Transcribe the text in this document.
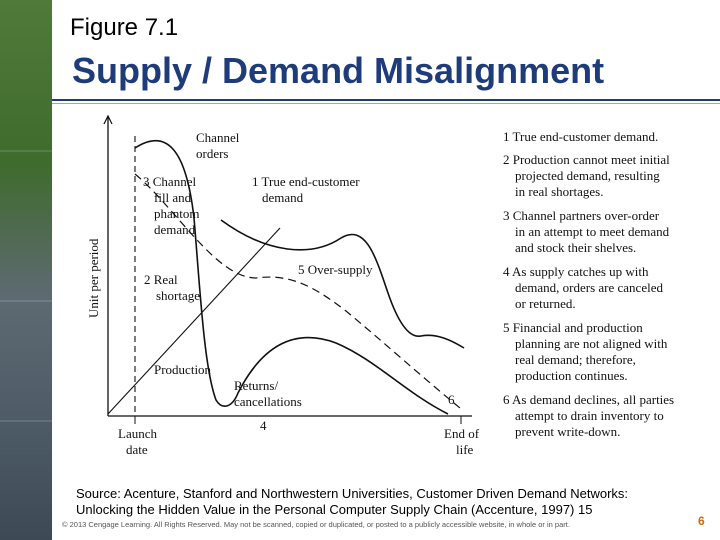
Figure 7.1
Supply / Demand Misalignment
Unit per period
Channel
orders
3 Channel
fill and
phantom
demand
1 True end-customer
demand
2 Real
shortage
5 Over-supply
Production
Returns/
cancellations
4
6
Launch
date
End of
life
1 True end-customer demand.
2 Production cannot meet initial
projected demand, resulting
in real shortages.
3 Channel partners over-order
in an attempt to meet demand
and stock their shelves.
4 As supply catches up with
demand, orders are canceled
or returned.
5 Financial and production
planning are not aligned with
real demand; therefore,
production continues.
6 As demand declines, all parties
attempt to drain inventory to
prevent write-down.
Source: Acenture, Stanford and Northwestern Universities, Customer Driven Demand Networks: Unlocking the Hidden Value in the Personal Computer Supply Chain (Accenture, 1997) 15
© 2013 Cengage Learning. All Rights Reserved. May not be scanned, copied or duplicated, or posted to a publicly accessible website, in whole or in part.	6
